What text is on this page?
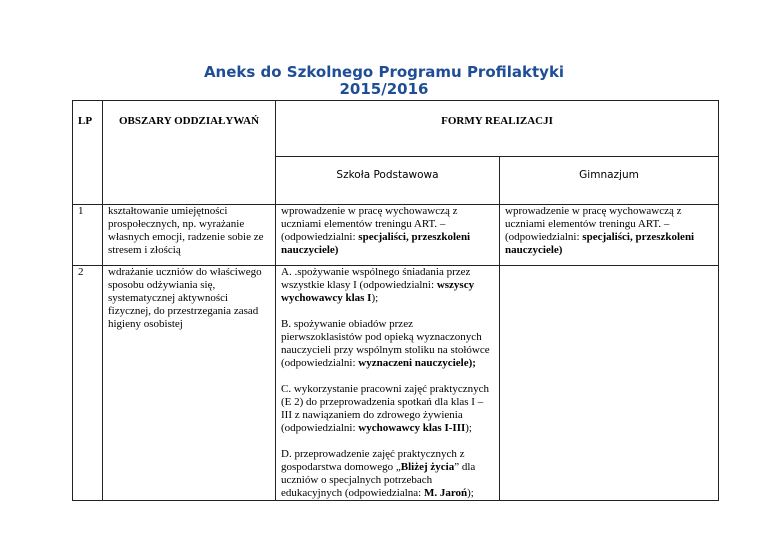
Aneks do Szkolnego Programu Profilaktyki
2015/2016
LP	OBSZARY ODDZIAŁYWAŃ	FORMY REALIZACJI	
		Szkoła Podstawowa	Gimnazjum
1	kształtowanie umiejętności prospołecznych, np. wyrażanie własnych emocji, radzenie sobie ze stresem i złością	wprowadzenie w pracę wychowawczą z uczniami elementów treningu ART. – (odpowiedzialni: specjaliści, przeszkoleni nauczyciele)	wprowadzenie w pracę wychowawczą z uczniami elementów treningu ART. – (odpowiedzialni: specjaliści, przeszkoleni nauczyciele)
2	wdrażanie uczniów do właściwego sposobu odżywiania się, systematycznej aktywności fizycznej, do przestrzegania zasad higieny osobistej	A. .spożywanie wspólnego śniadania przez wszystkie klasy I (odpowiedzialni: wszyscy wychowawcy klas I);

B. spożywanie obiadów przez pierwszoklasistów pod opieką wyznaczonych nauczycieli przy wspólnym stoliku na stołówce (odpowiedzialni: wyznaczeni nauczyciele);

C. wykorzystanie pracowni zajęć praktycznych (E 2) do przeprowadzenia spotkań dla klas I – III z nawiązaniem do zdrowego żywienia (odpowiedzialni: wychowawcy klas I-III);

D. przeprowadzenie zajęć praktycznych z gospodarstwa domowego „Bliżej życia” dla uczniów o specjalnych potrzebach edukacyjnych (odpowiedzialna: M. Jaroń);	
